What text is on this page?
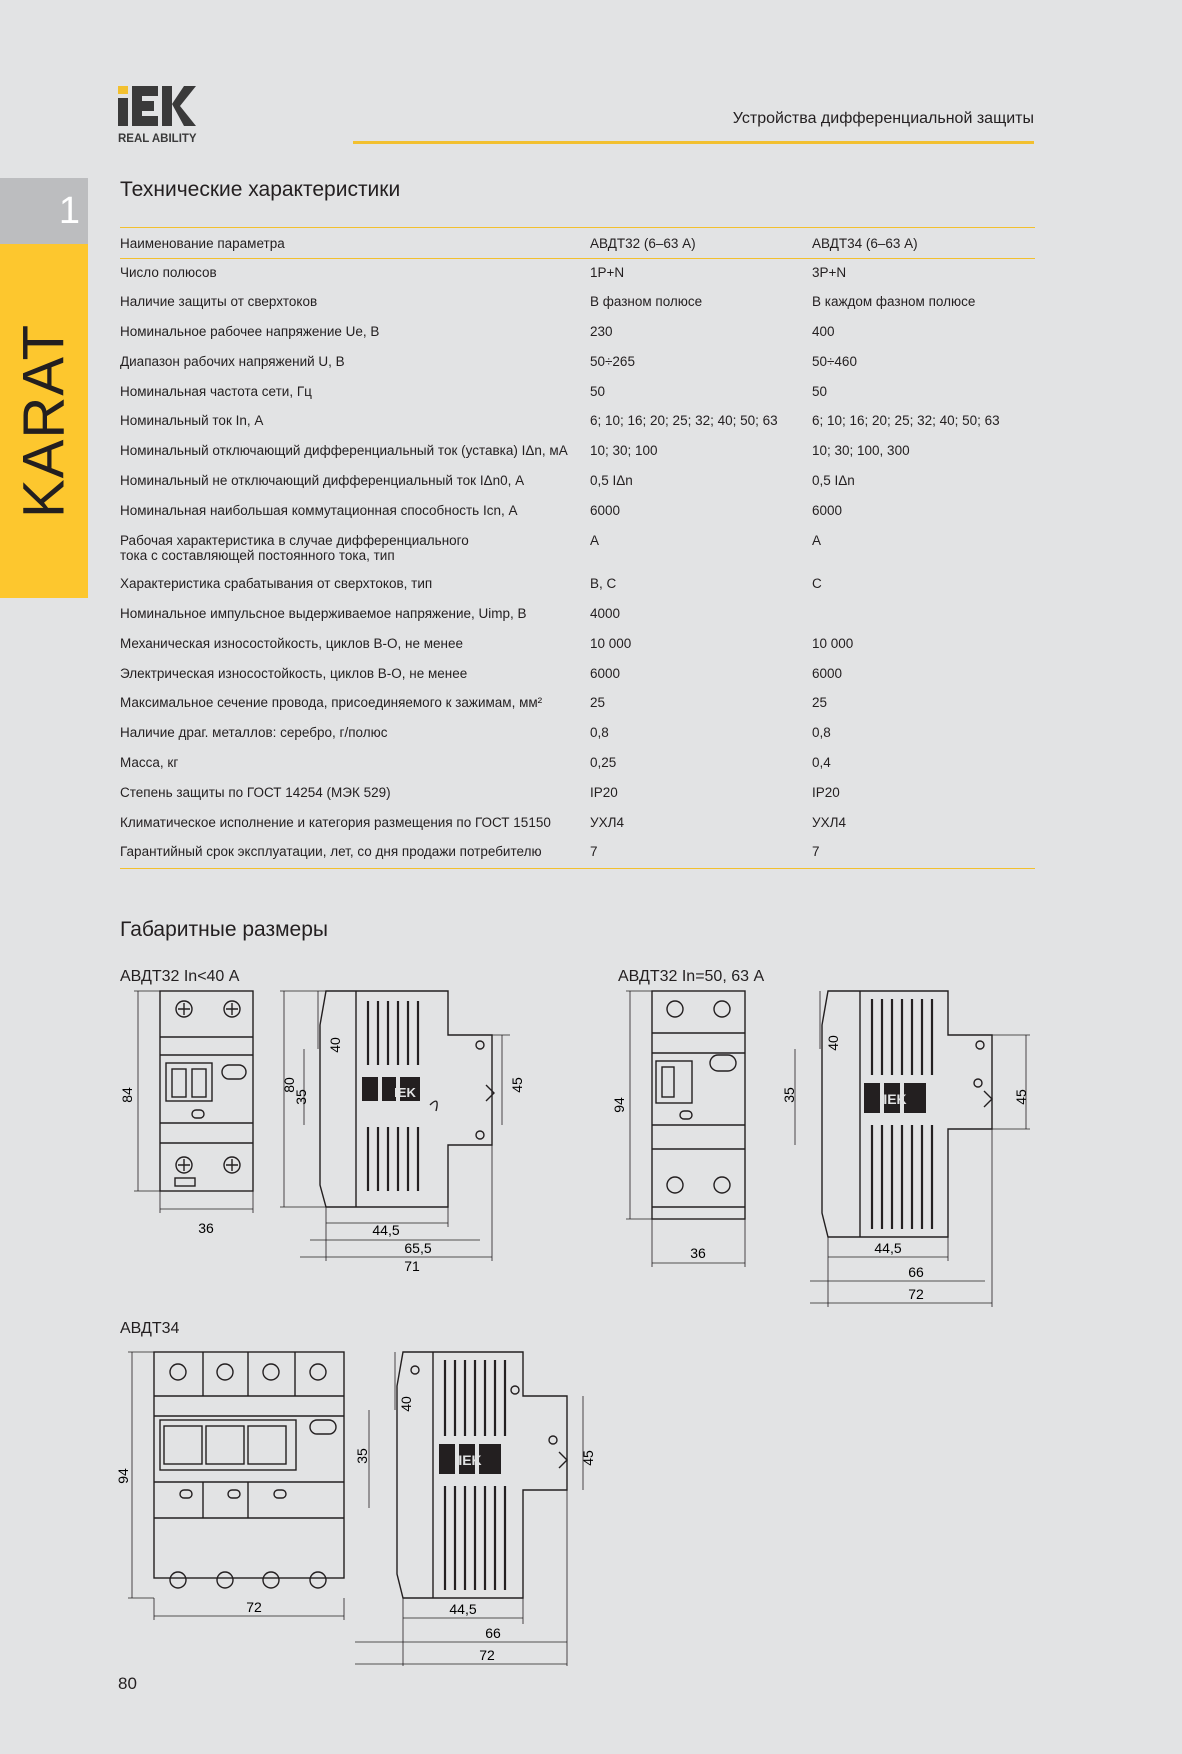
REAL ABILITY
Устройства дифференциальной защиты
1
KARAT
Технические характеристики
Наименование параметра	АВДТ32 (6–63 А)	АВДТ34 (6–63 А)
Число полюсов	1P+N	3P+N
Наличие защиты от сверхтоков	В фазном полюсе	В каждом фазном полюсе
Номинальное рабочее напряжение Ue, В	230	400
Диапазон рабочих напряжений U, В	50÷265	50÷460
Номинальная частота сети, Гц	50	50
Номинальный ток In, А	6; 10; 16; 20; 25; 32; 40; 50; 63	6; 10; 16; 20; 25; 32; 40; 50; 63
Номинальный отключающий дифференциальный ток (уставка) IΔn, мА	10; 30; 100	10; 30; 100, 300
Номинальный не отключающий дифференциальный ток IΔn0, А	0,5 IΔn	0,5 IΔn
Номинальная наибольшая коммутационная способность Icn, А	6000	6000
Рабочая характеристика в случае дифференциального тока с составляющей постоянного тока, тип	A	A
Характеристика срабатывания от сверхтоков, тип	B, C	C
Номинальное импульсное выдерживаемое напряжение, Uimp, В	4000	
Механическая износостойкость, циклов В-О, не менее	10 000	10 000
Электрическая износостойкость, циклов В-О, не менее	6000	6000
Максимальное сечение провода, присоединяемого к зажимам, мм²	25	25
Наличие драг. металлов: серебро, г/полюс	0,8	0,8
Масса, кг	0,25	0,4
Степень защиты по ГОСТ 14254 (МЭК 529)	IP20	IP20
Климатическое исполнение и категория размещения по ГОСТ 15150	УХЛ4	УХЛ4
Гарантийный срок эксплуатации, лет, со дня продажи потребителю	7	7
Габаритные размеры
АВДТ32 In<40 А	АВДТ32 In=50, 63 А
АВДТ34
84
36
IEK
80
35
40
45
44,5
65,5
71
94
36
IEK
35
40
45
44,5
66
72
94
72
IEK
35
40
45
44,5
66
72
80
